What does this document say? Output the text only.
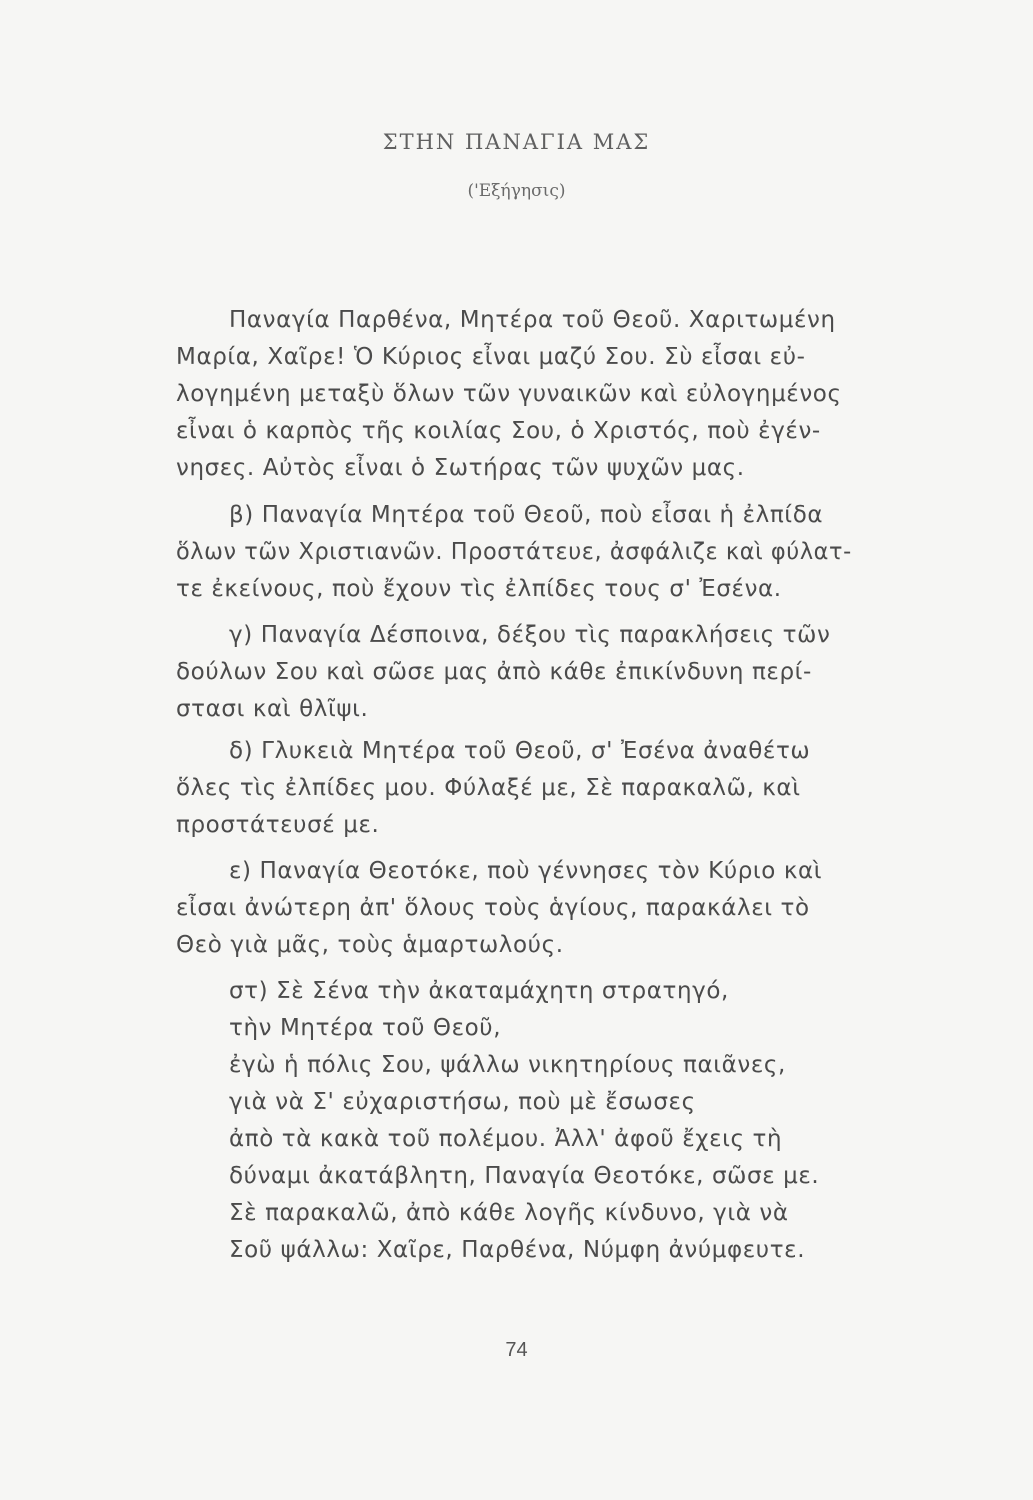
ΣΤΗΝ ΠΑΝΑΓΙΑ ΜΑΣ
('Εξήγησις)
Παναγία Παρθένα, Μητέρα τοῦ Θεοῦ. Χαριτωμένη
Μαρία, Χαῖρε! Ὁ Κύριος εἶναι μαζύ Σου. Σὺ εἶσαι εὐ-
λογημένη μεταξὺ ὅλων τῶν γυναικῶν καὶ εὐλογημένος
εἶναι ὁ καρπὸς τῆς κοιλίας Σου, ὁ Χριστός, ποὺ ἐγέν-
νησες. Αὐτὸς εἶναι ὁ Σωτήρας τῶν ψυχῶν μας.
β) Παναγία Μητέρα τοῦ Θεοῦ, ποὺ εἶσαι ἡ ἐλπίδα
ὅλων τῶν Χριστιανῶν. Προστάτευε, ἀσφάλιζε καὶ φύλατ-
τε ἐκείνους, ποὺ ἔχουν τὶς ἐλπίδες τους σ' Ἐσένα.
γ) Παναγία Δέσποινα, δέξου τὶς παρακλήσεις τῶν
δούλων Σου καὶ σῶσε μας ἀπὸ κάθε ἐπικίνδυνη περί-
στασι καὶ θλῖψι.
δ) Γλυκειὰ Μητέρα τοῦ Θεοῦ, σ' Ἐσένα ἀναθέτω
ὅλες τὶς ἐλπίδες μου. Φύλαξέ με, Σὲ παρακαλῶ, καὶ
προστάτευσέ με.
ε) Παναγία Θεοτόκε, ποὺ γέννησες τὸν Κύριο καὶ
εἶσαι ἀνώτερη ἀπ' ὅλους τοὺς ἁγίους, παρακάλει τὸ
Θεὸ γιὰ μᾶς, τοὺς ἁμαρτωλούς.
στ) Σὲ Σένα τὴν ἀκαταμάχητη στρατηγό,
τὴν Μητέρα τοῦ Θεοῦ,
ἐγὼ ἡ πόλις Σου, ψάλλω νικητηρίους παιᾶνες,
γιὰ νὰ Σ' εὐχαριστήσω, ποὺ μὲ ἔσωσες
ἀπὸ τὰ κακὰ τοῦ πολέμου. Ἀλλ' ἀφοῦ ἔχεις τὴ
δύναμι ἀκατάβλητη, Παναγία Θεοτόκε, σῶσε με.
Σὲ παρακαλῶ, ἀπὸ κάθε λογῆς κίνδυνο, γιὰ νὰ
Σοῦ ψάλλω: Χαῖρε, Παρθένα, Νύμφη ἀνύμφευτε.
74
